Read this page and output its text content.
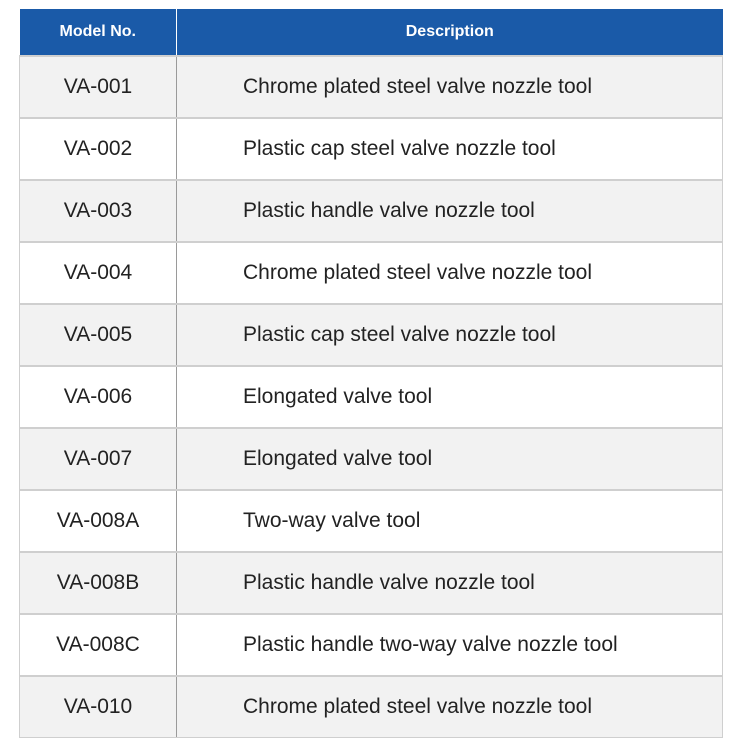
Model No.	Description
VA-001	Chrome plated steel valve nozzle tool
VA-002	Plastic cap steel valve nozzle tool
VA-003	Plastic handle valve nozzle tool
VA-004	Chrome plated steel valve nozzle tool
VA-005	Plastic cap steel valve nozzle tool
VA-006	Elongated valve tool
VA-007	Elongated valve tool
VA-008A	Two-way valve tool
VA-008B	Plastic handle valve nozzle tool
VA-008C	Plastic handle two-way valve nozzle tool
VA-010	Chrome plated steel valve nozzle tool
